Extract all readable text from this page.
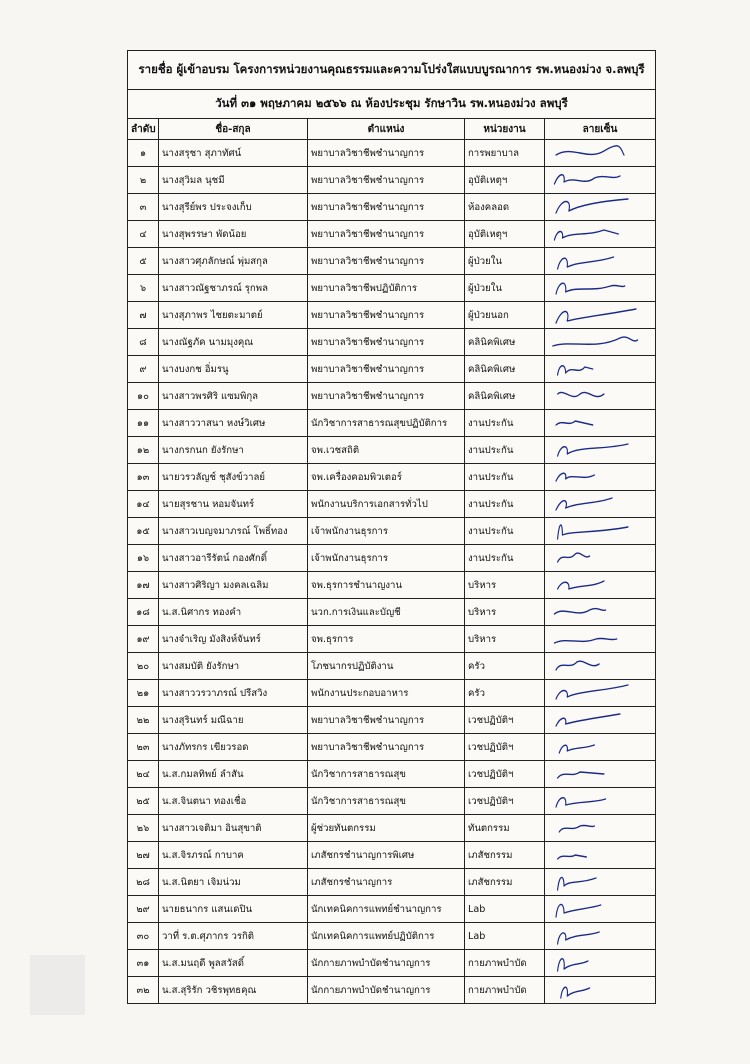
รายชื่อ ผู้เข้าอบรม โครงการหน่วยงานคุณธรรมและความโปร่งใสแบบบูรณาการ รพ.หนองม่วง จ.ลพบุรี
วันที่ ๓๑ พฤษภาคม ๒๕๖๖ ณ ห้องประชุม รักษาวิน รพ.หนองม่วง ลพบุรี
ลำดับ	ชื่อ-สกุล	ตำแหน่ง	หน่วยงาน	ลายเซ็น
๑	นางสรุชา สุภาทัศน์	พยาบาลวิชาชีพชำนาญการ	การพยาบาล	

๒	นางสุวิมล นุชมี	พยาบาลวิชาชีพชำนาญการ	อุบัติเหตุฯ	

๓	นางสุรีย์พร ประจงเก็บ	พยาบาลวิชาชีพชำนาญการ	ห้องคลอด	

๔	นางสุพรรษา พัดน้อย	พยาบาลวิชาชีพชำนาญการ	อุบัติเหตุฯ	

๕	นางสาวศุภลักษณ์ พุ่มสกุล	พยาบาลวิชาชีพชำนาญการ	ผู้ป่วยใน	

๖	นางสาวณัฐชาภรณ์ รุกพล	พยาบาลวิชาชีพปฏิบัติการ	ผู้ป่วยใน	

๗	นางสุภาพร ไชยตะมาตย์	พยาบาลวิชาชีพชำนาญการ	ผู้ป่วยนอก	

๘	นางณัฐภัค นามมุงคุณ	พยาบาลวิชาชีพชำนาญการ	คลินิคพิเศษ	

๙	นางบงกช อิ่มรนู	พยาบาลวิชาชีพชำนาญการ	คลินิคพิเศษ	

๑๐	นางสาวพรศิริ แซมพิกุล	พยาบาลวิชาชีพชำนาญการ	คลินิคพิเศษ	

๑๑	นางสาววาสนา หงษ์วิเศษ	นักวิชาการสาธารณสุขปฏิบัติการ	งานประกัน	

๑๒	นางกรกนก ยังรักษา	จพ.เวชสถิติ	งานประกัน	

๑๓	นายวรวลัญช์ ชุสังข์วาลย์	จพ.เครื่องคอมพิวเตอร์	งานประกัน	

๑๔	นายสุรชาน หอมจันทร์	พนักงานบริการเอกสารทั่วไป	งานประกัน	

๑๕	นางสาวเบญจมาภรณ์ โพธิ์ทอง	เจ้าพนักงานธุรการ	งานประกัน	

๑๖	นางสาวอารีรัตน์ กองศักดิ์	เจ้าพนักงานธุรการ	งานประกัน	

๑๗	นางสาวศิริญา มงคลเฉลิม	จพ.ธุรการชำนาญงาน	บริหาร	

๑๘	น.ส.นิศากร ทองคำ	นวก.การเงินและบัญชี	บริหาร	

๑๙	นางจำเริญ มังสิงห์จันทร์	จพ.ธุรการ	บริหาร	

๒๐	นางสมบัติ ยังรักษา	โภชนากรปฏิบัติงาน	ครัว	

๒๑	นางสาววรวาภรณ์ ปรีสวิง	พนักงานประกอบอาหาร	ครัว	

๒๒	นางสุรินทร์ มณีฉาย	พยาบาลวิชาชีพชำนาญการ	เวชปฏิบัติฯ	

๒๓	นางภัทรกร เขียวรอด	พยาบาลวิชาชีพชำนาญการ	เวชปฏิบัติฯ	

๒๔	น.ส.กมลทิพย์ ลำสัน	นักวิชาการสาธารณสุข	เวชปฏิบัติฯ	

๒๕	น.ส.จินตนา ทองเชื่อ	นักวิชาการสาธารณสุข	เวชปฏิบัติฯ	

๒๖	นางสาวเจติมา อินสุขาติ	ผู้ช่วยทันตกรรม	ทันตกรรม	

๒๗	น.ส.จิรภรณ์ กาบาค	เภสัชกรชำนาญการพิเศษ	เภสัชกรรม	

๒๘	น.ส.นิตยา เจิมน่วม	เภสัชกรชำนาญการ	เภสัชกรรม	

๒๙	นายธนากร แสนเดปิน	นักเทคนิคการแพทย์ชำนาญการ	Lab	

๓๐	วาที่ ร.ต.ศุภากร วรกิติ	นักเทคนิคการแพทย์ปฏิบัติการ	Lab	

๓๑	น.ส.มนฤดี พูลสวัสดิ์	นักกายภาพบำบัดชำนาญการ	กายภาพบำบัด	

๓๒	น.ส.สุริรัก วชิรพุทธคุณ	นักกายภาพบำบัดชำนาญการ	กายภาพบำบัด	
